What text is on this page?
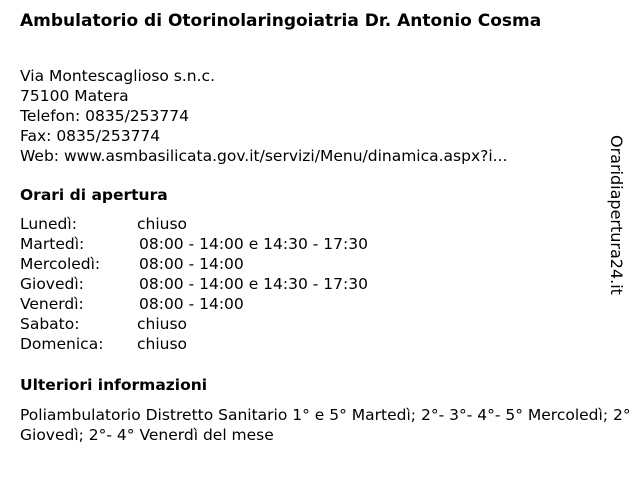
Ambulatorio di Otorinolaringoiatria Dr. Antonio Cosma
Via Montescaglioso s.n.c.
75100 Matera
Telefon: 0835/253774
Fax: 0835/253774
Web: www.asmbasilicata.gov.it/servizi/Menu/dinamica.aspx?i...
Orari di apertura
Lunedì:	chiuso
Martedì:	08:00 - 14:00 e 14:30 - 17:30
Mercoledì:	08:00 - 14:00
Giovedì:	08:00 - 14:00 e 14:30 - 17:30
Venerdì:	08:00 - 14:00
Sabato:	chiuso
Domenica: chiuso
Ulteriori informazioni
Poliambulatorio Distretto Sanitario 1° e 5° Martedì; 2°- 3°- 4°- 5° Mercoledì; 2° Giovedì; 2°- 4° Venerdì del mese
Oraridiapertura24.it
